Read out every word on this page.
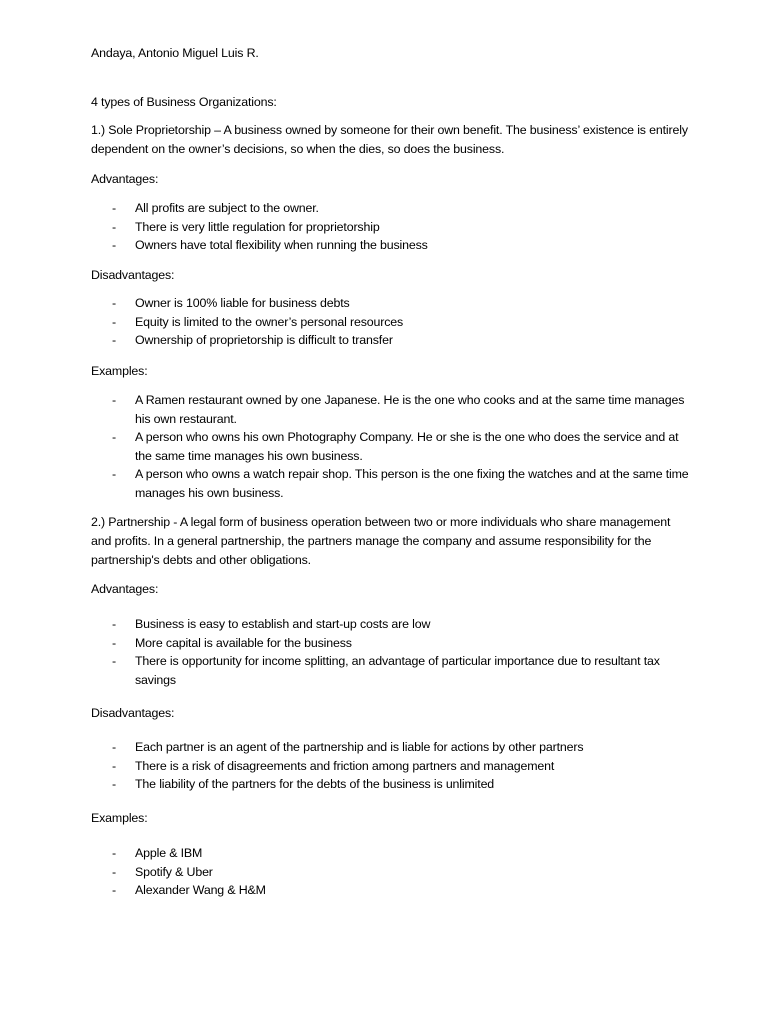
Andaya, Antonio Miguel Luis R.

4 types of Business Organizations:

1.) Sole Proprietorship – A business owned by someone for their own benefit. The business’ existence is entirely dependent on the owner’s decisions, so when the dies, so does the business.

Advantages:

- All profits are subject to the owner.
- There is very little regulation for proprietorship
- Owners have total flexibility when running the business

Disadvantages:

- Owner is 100% liable for business debts
- Equity is limited to the owner’s personal resources
- Ownership of proprietorship is difficult to transfer

Examples:

- A Ramen restaurant owned by one Japanese. He is the one who cooks and at the same time manages his own restaurant.
- A person who owns his own Photography Company. He or she is the one who does the service and at the same time manages his own business.
- A person who owns a watch repair shop. This person is the one fixing the watches and at the same time manages his own business.

2.) Partnership - A legal form of business operation between two or more individuals who share management and profits. In a general partnership, the partners manage the company and assume responsibility for the partnership's debts and other obligations.

Advantages:

- Business is easy to establish and start-up costs are low
- More capital is available for the business
- There is opportunity for income splitting, an advantage of particular importance due to resultant tax savings

Disadvantages:

- Each partner is an agent of the partnership and is liable for actions by other partners
- There is a risk of disagreements and friction among partners and management
- The liability of the partners for the debts of the business is unlimited

Examples:

- Apple & IBM
- Spotify & Uber
- Alexander Wang & H&M
